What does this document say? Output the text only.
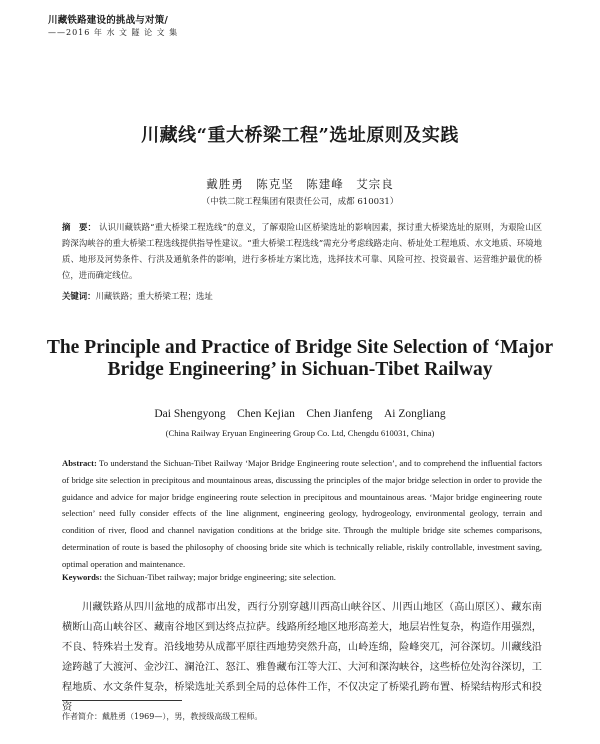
川藏铁路建设的挑战与对策/
——2016 年 水 文 隧 论 文 集
川藏线“重大桥梁工程”选址原则及实践
戴胜勇　陈克坚　陈建峰　艾宗良
（中铁二院工程集团有限责任公司，成都 610031）
摘　要： 认识川藏铁路“重大桥梁工程选线”的意义，了解艰险山区桥梁选址的影响因素，探讨重大桥梁选址的原则，为艰险山区跨深沟峡谷的重大桥梁工程选线提供指导性建议。“重大桥梁工程选线”需充分考虑线路走向、桥址处工程地质、水文地质、环境地质、地形及河势条件、行洪及通航条件的影响，进行多桥址方案比选，选择技术可靠、风险可控、投资最省、运营维护最优的桥位，进而确定线位。
关键词：川藏铁路；重大桥梁工程；选址
The Principle and Practice of Bridge Site Selection of ‘Major Bridge Engineering’ in Sichuan-Tibet Railway
Dai Shengyong　Chen Kejian　Chen Jianfeng　Ai Zongliang
(China Railway Eryuan Engineering Group Co. Ltd, Chengdu 610031, China)
Abstract: To understand the Sichuan-Tibet Railway ‘Major Bridge Engineering route selection’, and to comprehend the influential factors of bridge site selection in precipitous and mountainous areas, discussing the principles of the major bridge selection in order to provide the guidance and advice for major bridge engineering route selection in precipitous and mountainous areas. ‘Major bridge engineering route selection’ need fully consider effects of the line alignment, engineering geology, hydrogeology, environmental geology, terrain and condition of river, flood and channel navigation conditions at the bridge site. Through the multiple bridge site schemes comparisons, determination of route is based the philosophy of choosing bride site which is technically reliable, riskily controllable, investment saving, optimal operation and maintenance.
Keywords: the Sichuan-Tibet railway; major bridge engineering; site selection.
川藏铁路从四川盆地的成都市出发，西行分别穿越川西高山峡谷区、川西山地区（高山原区）、藏东南横断山高山峡谷区、藏南谷地区到达终点拉萨。线路所经地区地形高差大，地层岩性复杂，构造作用强烈，不良、特殊岩土发育。沿线地势从成都平原往西地势突然升高，山岭连绵，险峰突兀，河谷深切。川藏线沿途跨越了大渡河、金沙江、澜沧江、怒江、雅鲁藏布江等大江、大河和深沟峡谷，这些桥位处沟谷深切，工程地质、水文条件复杂，桥梁选址关系到全局的总体件工作，不仅决定了桥梁孔跨布置、桥梁结构形式和投资
作者简介：戴胜勇（1969—），男，教授级高级工程师。
